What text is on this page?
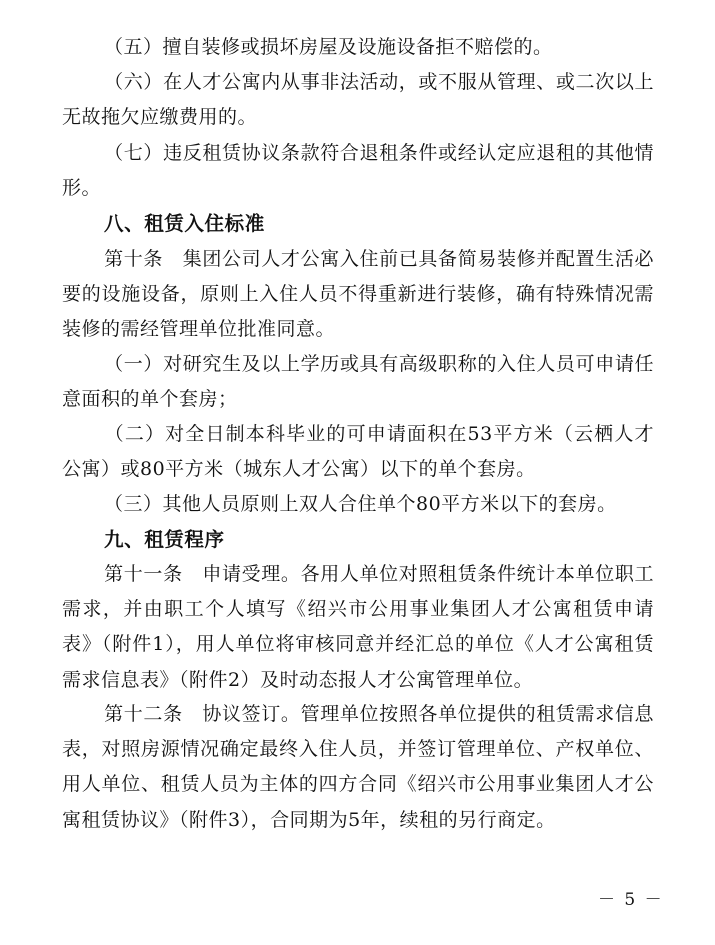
（五）擅自装修或损坏房屋及设施设备拒不赔偿的。

（六）在人才公寓内从事非法活动，或不服从管理、或二次以上无故拖欠应缴费用的。

（七）违反租赁协议条款符合退租条件或经认定应退租的其他情形。

八、租赁入住标准

第十条　集团公司人才公寓入住前已具备简易装修并配置生活必要的设施设备，原则上入住人员不得重新进行装修，确有特殊情况需装修的需经管理单位批准同意。

（一）对研究生及以上学历或具有高级职称的入住人员可申请任意面积的单个套房；

（二）对全日制本科毕业的可申请面积在53平方米（云栖人才公寓）或80平方米（城东人才公寓）以下的单个套房。

（三）其他人员原则上双人合住单个80平方米以下的套房。

九、租赁程序

第十一条　申请受理。各用人单位对照租赁条件统计本单位职工需求，并由职工个人填写《绍兴市公用事业集团人才公寓租赁申请表》（附件1），用人单位将审核同意并经汇总的单位《人才公寓租赁需求信息表》（附件2）及时动态报人才公寓管理单位。

第十二条　协议签订。管理单位按照各单位提供的租赁需求信息表，对照房源情况确定最终入住人员，并签订管理单位、产权单位、用人单位、租赁人员为主体的四方合同《绍兴市公用事业集团人才公寓租赁协议》（附件3），合同期为5年，续租的另行商定。

－ 5 －
